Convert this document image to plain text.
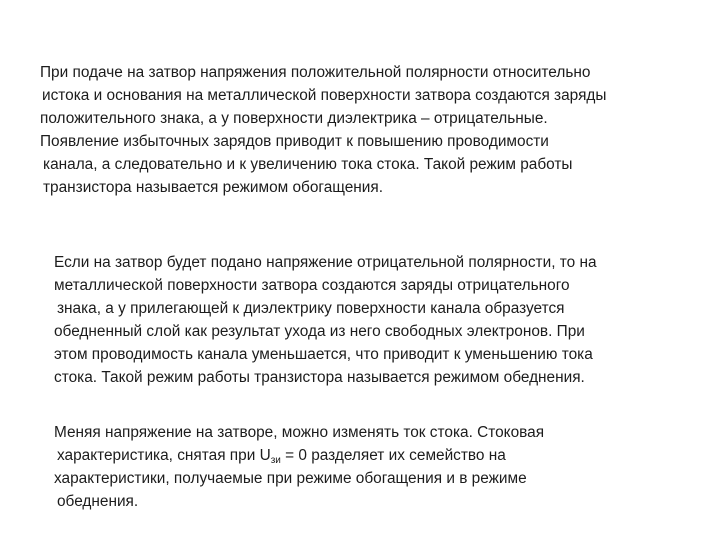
При подаче на затвор напряжения положительной полярности относительно
истока и основания на металлической поверхности затвора создаются заряды
положительного знака, а у поверхности диэлектрика – отрицательные.
Появление избыточных зарядов приводит к повышению проводимости
канала, а следовательно и к увеличению тока стока. Такой режим работы
транзистора называется режимом обогащения.
Если на затвор будет подано напряжение отрицательной полярности, то на
металлической поверхности затвора создаются заряды отрицательного
знака, а у прилегающей к диэлектрику поверхности канала образуется
обедненный слой как результат ухода из него свободных электронов. При
этом проводимость канала уменьшается, что приводит к уменьшению тока
стока. Такой режим работы транзистора называется режимом обеднения.
Меняя напряжение на затворе, можно изменять ток стока. Стоковая
характеристика, снятая при $U_{зи} = 0$ разделяет их семейство на
характеристики, получаемые при режиме обогащения и в режиме
обеднения.
